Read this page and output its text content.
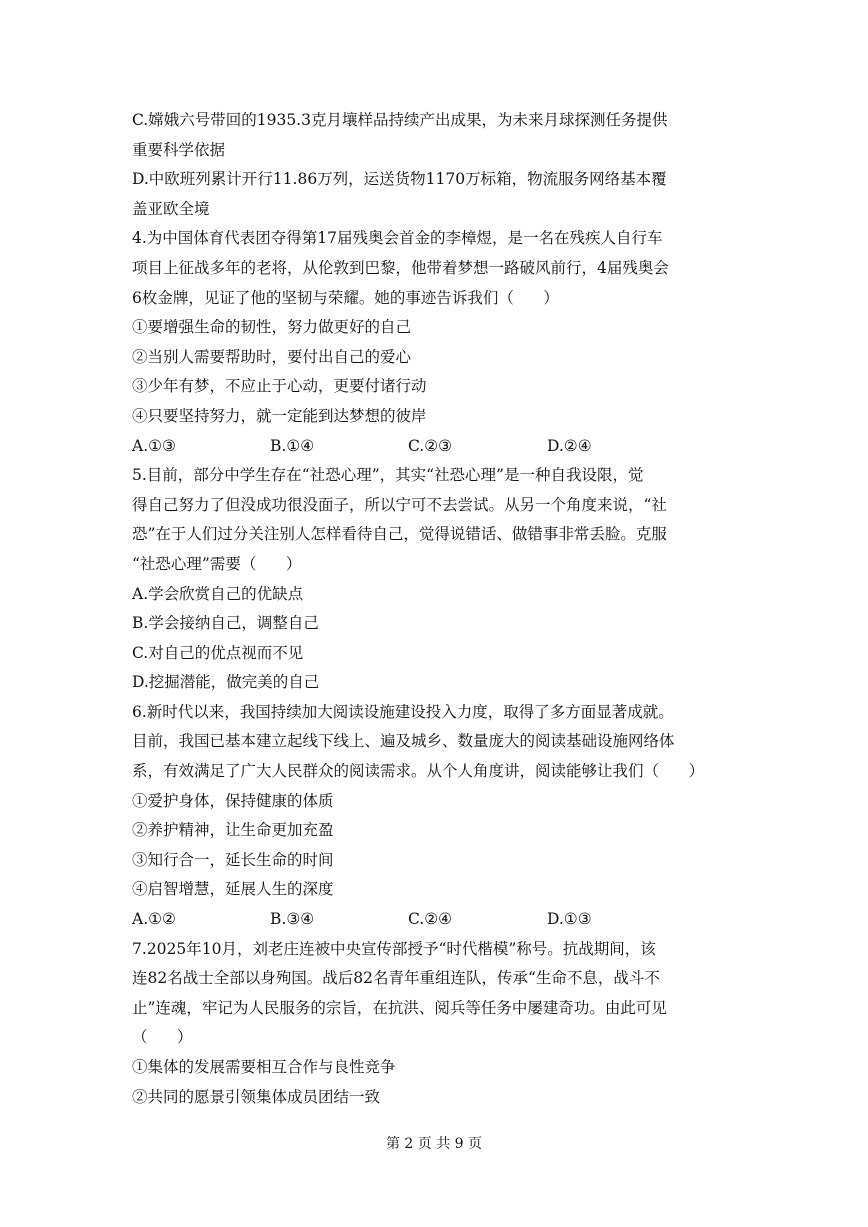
C.嫦娥六号带回的1935.3克月壤样品持续产出成果，为未来月球探测任务提供
重要科学依据
D.中欧班列累计开行11.86万列，运送货物1170万标箱，物流服务网络基本覆
盖亚欧全境
4.为中国体育代表团夺得第17届残奥会首金的李樟煜，是一名在残疾人自行车
项目上征战多年的老将，从伦敦到巴黎，他带着梦想一路破风前行，4届残奥会
6枚金牌，见证了他的坚韧与荣耀。她的事迹告诉我们（      ）
①要增强生命的韧性，努力做更好的自己
②当别人需要帮助时，要付出自己的爱心
③少年有梦，不应止于心动，更要付诸行动
④只要坚持努力，就一定能到达梦想的彼岸
A.①③	B.①④	C.②③	D.②④
5.目前，部分中学生存在“社恐心理”，其实“社恐心理”是一种自我设限，觉
得自己努力了但没成功很没面子，所以宁可不去尝试。从另一个角度来说，“社
恐”在于人们过分关注别人怎样看待自己，觉得说错话、做错事非常丢脸。克服
“社恐心理”需要（      ）
A.学会欣赏自己的优缺点
B.学会接纳自己，调整自己
C.对自己的优点视而不见
D.挖掘潜能，做完美的自己
6.新时代以来，我国持续加大阅读设施建设投入力度，取得了多方面显著成就。
目前，我国已基本建立起线下线上、遍及城乡、数量庞大的阅读基础设施网络体
系，有效满足了广大人民群众的阅读需求。从个人角度讲，阅读能够让我们（      ）
①爱护身体，保持健康的体质
②养护精神，让生命更加充盈
③知行合一，延长生命的时间
④启智增慧，延展人生的深度
A.①②	B.③④	C.②④	D.①③
7.2025年10月，刘老庄连被中央宣传部授予“时代楷模”称号。抗战期间，该
连82名战士全部以身殉国。战后82名青年重组连队，传承“生命不息，战斗不
止”连魂，牢记为人民服务的宗旨，在抗洪、阅兵等任务中屡建奇功。由此可见
（      ）
①集体的发展需要相互合作与良性竞争
②共同的愿景引领集体成员团结一致
第 2 页 共 9 页
